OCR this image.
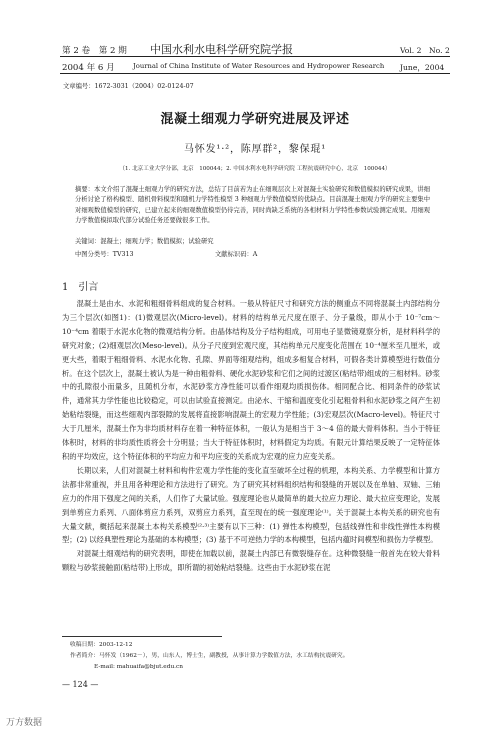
第 2 卷　第 2 期 中国水利水电科学研究院学报	Vol. 2　No. 2
2004 年 6 月	Journal of China Institute of Water Resources and Hydropower Research June，2004
文章编号：1672-3031（2004）02-0124-07
混凝土细观力学研究进展及评述
马怀发¹·²，陈厚群²，黎保琨¹
（1. 北京工业大学分部，北京　100044；2. 中国水利水电科学研究院 工程抗震研究中心，北京　100044）
摘要：本文介绍了混凝土细观力学的研究方法，总结了目前若为止在细观层次上对混凝土实验研究和数值模拟的研究成果，讲细分析讨论了格构模型、随机骨料模型和随机力学特性模型 3 种细观力学数值模型的优缺点。目前混凝土细观力学的研究主要集中对细观数值模型的研究，已建立起来的细观数值模型仍待完善，同时尚缺乏系统的各相材料力学特性参数试验测定成果。用细观力学数值模拟取代部分试验任务还要做很多工作。
关键词：混凝土；细观力学；数值模拟；试验研究
中图分类号：TV313	文献标识码：A
1　引言

混凝土是由水、水泥和粗细骨料组成的复合材料。一般从特征尺寸和研究方法的侧重点不同将混凝土内部结构分为三个层次(如图1)：(1)微观层次(Micro-level)。材料的结构单元尺度在原子、分子量级，即从小于 10⁻⁷cm～10⁻⁴cm 着眼于水泥水化物的微观结构分析。由晶体结构及分子结构组成，可用电子显微镜观察分析，是材料科学的研究对象；(2)细观层次(Meso-level)。从分子尺度到宏观尺度，其结构单元尺度变化范围在 10⁻⁴厘米至几厘米，或更大些，着眼于粗细骨料、水泥水化物、孔隙、界面等细观结构，组成多相复合材料，可假各类计算模型进行数值分析。在这个层次上，混凝土被认为是一种由粗骨料、硬化水泥砂浆和它们之间的过渡区(粘结带)组成的三相材料。砂浆中的孔隙很小而量多，且随机分布，水泥砂浆方净性能可以看作细观均质损伤体。相同配合比、相同条件的砂浆试件，通常其力学性能也比较稳定，可以由试验直接测定。由泌水、干缩和温度变化引起粗骨料和水泥砂浆之间产生初始粘结裂缝，而这些细观内部裂隙的发展将直接影响混凝土的宏观力学性能；(3)宏观层次(Macro-level)。特征尺寸大于几厘米，混凝土作为非均质材料存在着一种特征体积，一般认为是相当于 3～4 倍的最大骨料体积。当小于特征体积时，材料的非均质性质将会十分明显；当大于特征体积时，材料假定为均质。有限元计算结果反映了一定特征体积的平均效应，这个特征体积的平均应力和平均应变的关系成为宏观的应力应变关系。

长期以来，人们对混凝土材料和构件宏观力学性能的变化直至破坏全过程的机理，本构关系、力学模型和计算方法都非常重视，并且用各种理论和方法进行了研究。为了研究其材料组织结构和裂缝的开展以及在单轴、双轴、三轴应力的作用下强度之间的关系，人们作了大量试验。强度理论也从最简单的最大拉应力理论、最大拉应变理论，发展到单剪应力系列、八面体剪应力系列，双剪应力系列，直至现在的统一强度理论⁽¹⁾。关于混凝土本构关系的研究也有大量文献，概括起来混凝土本构关系模型⁽²·³⁾主要有以下三种：(1) 弹性本构模型，包括线弹性和非线性弹性本构模型；(2) 以经典塑性理论为基础的本构模型；(3) 基于不可逆热力学的本构模型，包括内蕴时间模型和损伤力学模型。

对混凝土细观结构的研究表明，即使在加载以前，混凝土内部已有微裂缝存在。这种微裂缝一般首先在较大骨料颗粒与砂浆接触面(粘结带)上形成，即所谓的初始粘结裂缝。这些由于水泥砂浆在泥

收稿日期：2003-12-12
作者简介：马怀发（1962－），男，山东人，博士生，副教授，从事计算力学数值方法，水工结构抗震研究。
E-mail: mahuaifa@bjut.edu.cn
— 124 —
万方数据
